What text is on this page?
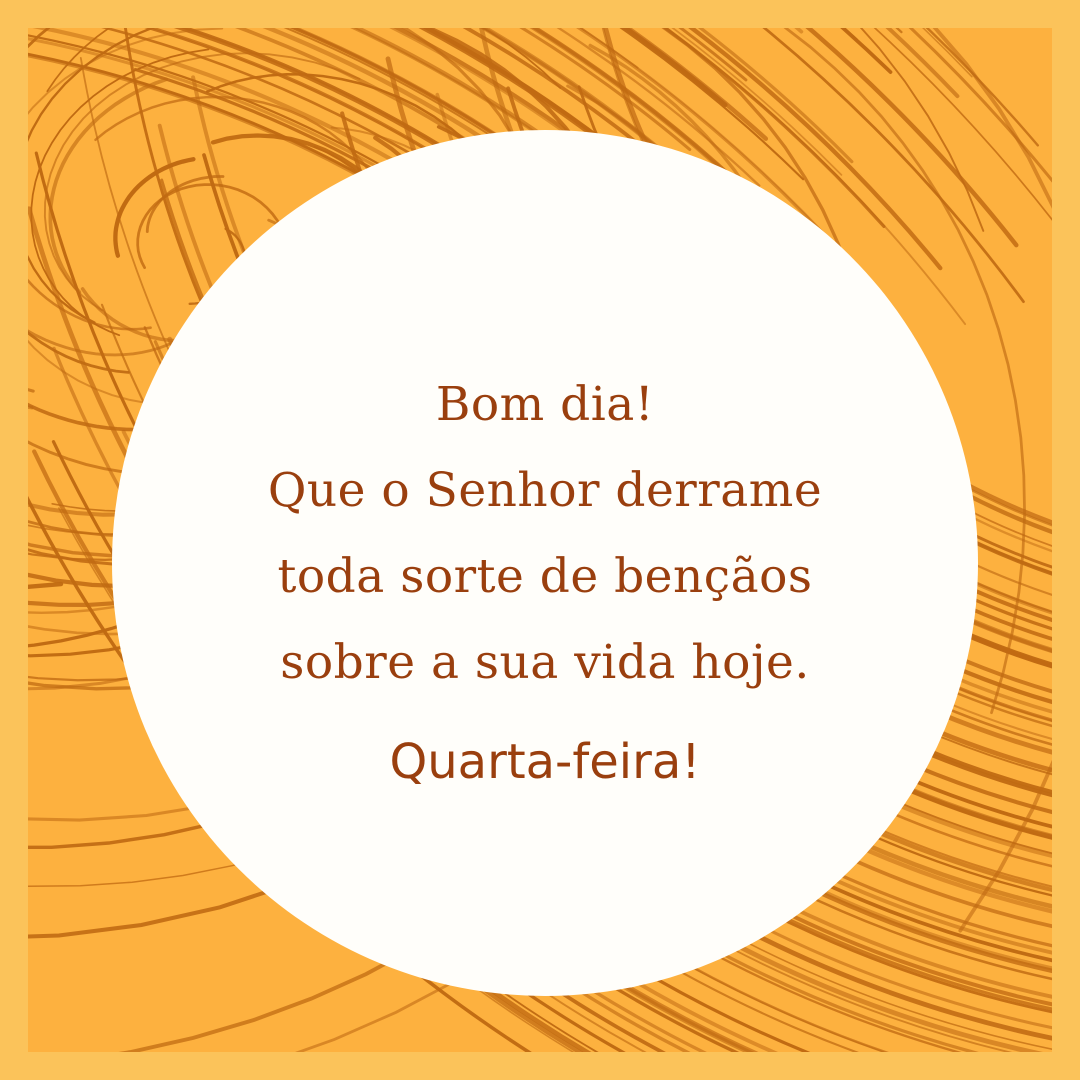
Bom dia!
Que o Senhor derrame
toda sorte de bençãos
sobre a sua vida hoje.
Quarta-feira!
